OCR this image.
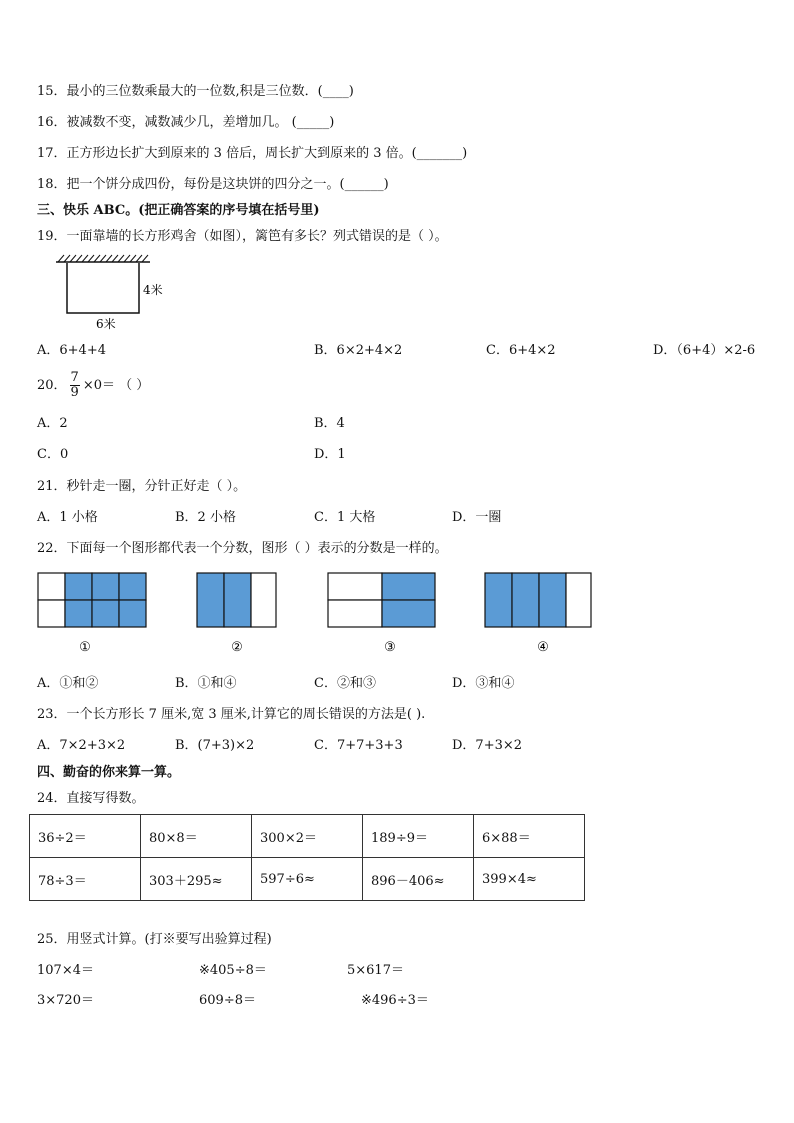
15．最小的三位数乘最大的一位数,积是三位数．(____)
16．被减数不变，减数减少几，差增加几。 (_____)
17．正方形边长扩大到原来的 3 倍后，周长扩大到原来的 3 倍。(_______)
18．把一个饼分成四份，每份是这块饼的四分之一。(______)
三、快乐 ABC。(把正确答案的序号填在括号里)
19．一面靠墙的长方形鸡舍（如图），篱笆有多长？列式错误的是（ ）。
4米
6米
A．6+4+4	B．6×2+4×2	C．6+4×2	D．（6+4）×2-6
20． $\frac{7}{9} \times 0=$ （ ）
A．2	B．4
C．0	D．1
21．秒针走一圈，分针正好走（ ）。
A．1 小格	B．2 小格	C．1 大格	D．一圈
22．下面每一个图形都代表一个分数，图形（ ）表示的分数是一样的。
①	②	③	④
A．①和②	B．①和④	C．②和③	D．③和④
23．一个长方形长 7 厘米,宽 3 厘米,计算它的周长错误的方法是( ).
A．7×2+3×2	B．(7+3)×2	C．7+7+3+3	D．7+3×2
四、勤奋的你来算一算。
24．直接写得数。
36÷2＝	80×8＝	300×2＝	189÷9＝	6×88＝
78÷3＝	303＋295≈	597÷6≈	896－406≈	399×4≈
25．用竖式计算。(打※要写出验算过程)
107×4＝	※405÷8＝	5×617＝
3×720＝	609÷8＝	※496÷3＝
